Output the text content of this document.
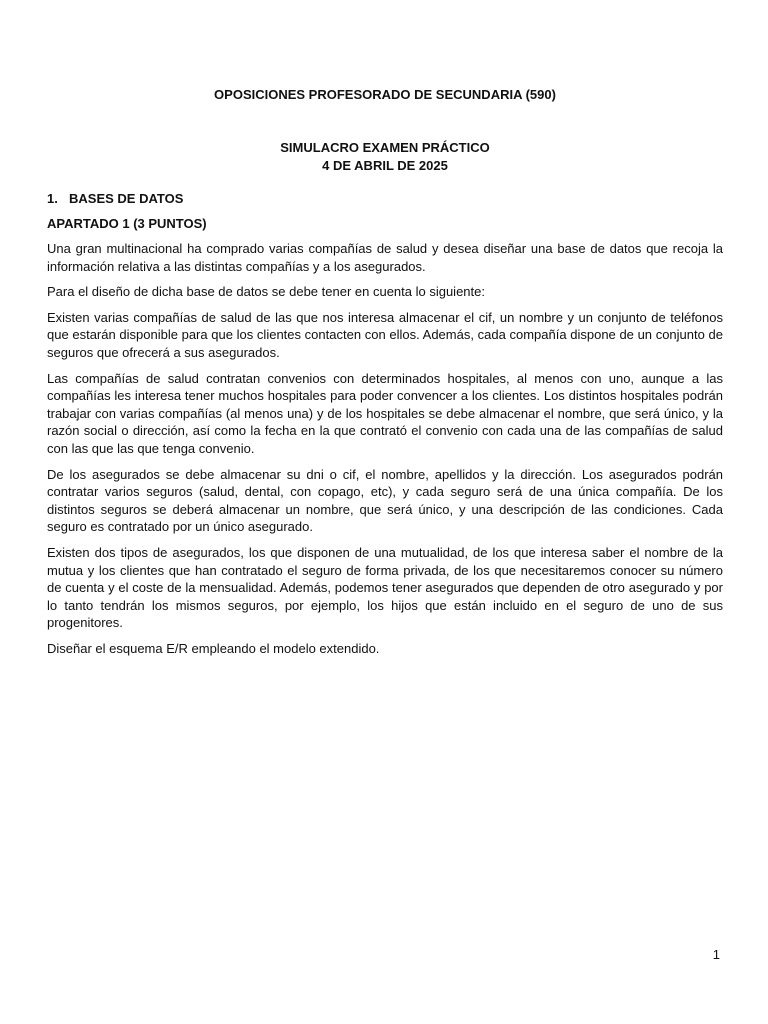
OPOSICIONES PROFESORADO DE SECUNDARIA (590)

SIMULACRO EXAMEN PRÁCTICO

4 DE ABRIL DE 2025

1. BASES DE DATOS

APARTADO 1 (3 PUNTOS)

Una gran multinacional ha comprado varias compañías de salud y desea diseñar una base de datos que recoja la información relativa a las distintas compañías y a los asegurados.

Para el diseño de dicha base de datos se debe tener en cuenta lo siguiente:

Existen varias compañías de salud de las que nos interesa almacenar el cif, un nombre y un conjunto de teléfonos que estarán disponible para que los clientes contacten con ellos. Además, cada compañía dispone de un conjunto de seguros que ofrecerá a sus asegurados.

Las compañías de salud contratan convenios con determinados hospitales, al menos con uno, aunque a las compañías les interesa tener muchos hospitales para poder convencer a los clientes. Los distintos hospitales podrán trabajar con varias compañías (al menos una) y de los hospitales se debe almacenar el nombre, que será único, y la razón social o dirección, así como la fecha en la que contrató el convenio con cada una de las compañías de salud con las que las que tenga convenio.

De los asegurados se debe almacenar su dni o cif, el nombre, apellidos y la dirección. Los asegurados podrán contratar varios seguros (salud, dental, con copago, etc), y cada seguro será de una única compañía. De los distintos seguros se deberá almacenar un nombre, que será único, y una descripción de las condiciones. Cada seguro es contratado por un único asegurado.

Existen dos tipos de asegurados, los que disponen de una mutualidad, de los que interesa saber el nombre de la mutua y los clientes que han contratado el seguro de forma privada, de los que necesitaremos conocer su número de cuenta y el coste de la mensualidad. Además, podemos tener asegurados que dependen de otro asegurado y por lo tanto tendrán los mismos seguros, por ejemplo, los hijos que están incluido en el seguro de uno de sus progenitores.

Diseñar el esquema E/R empleando el modelo extendido.

1
